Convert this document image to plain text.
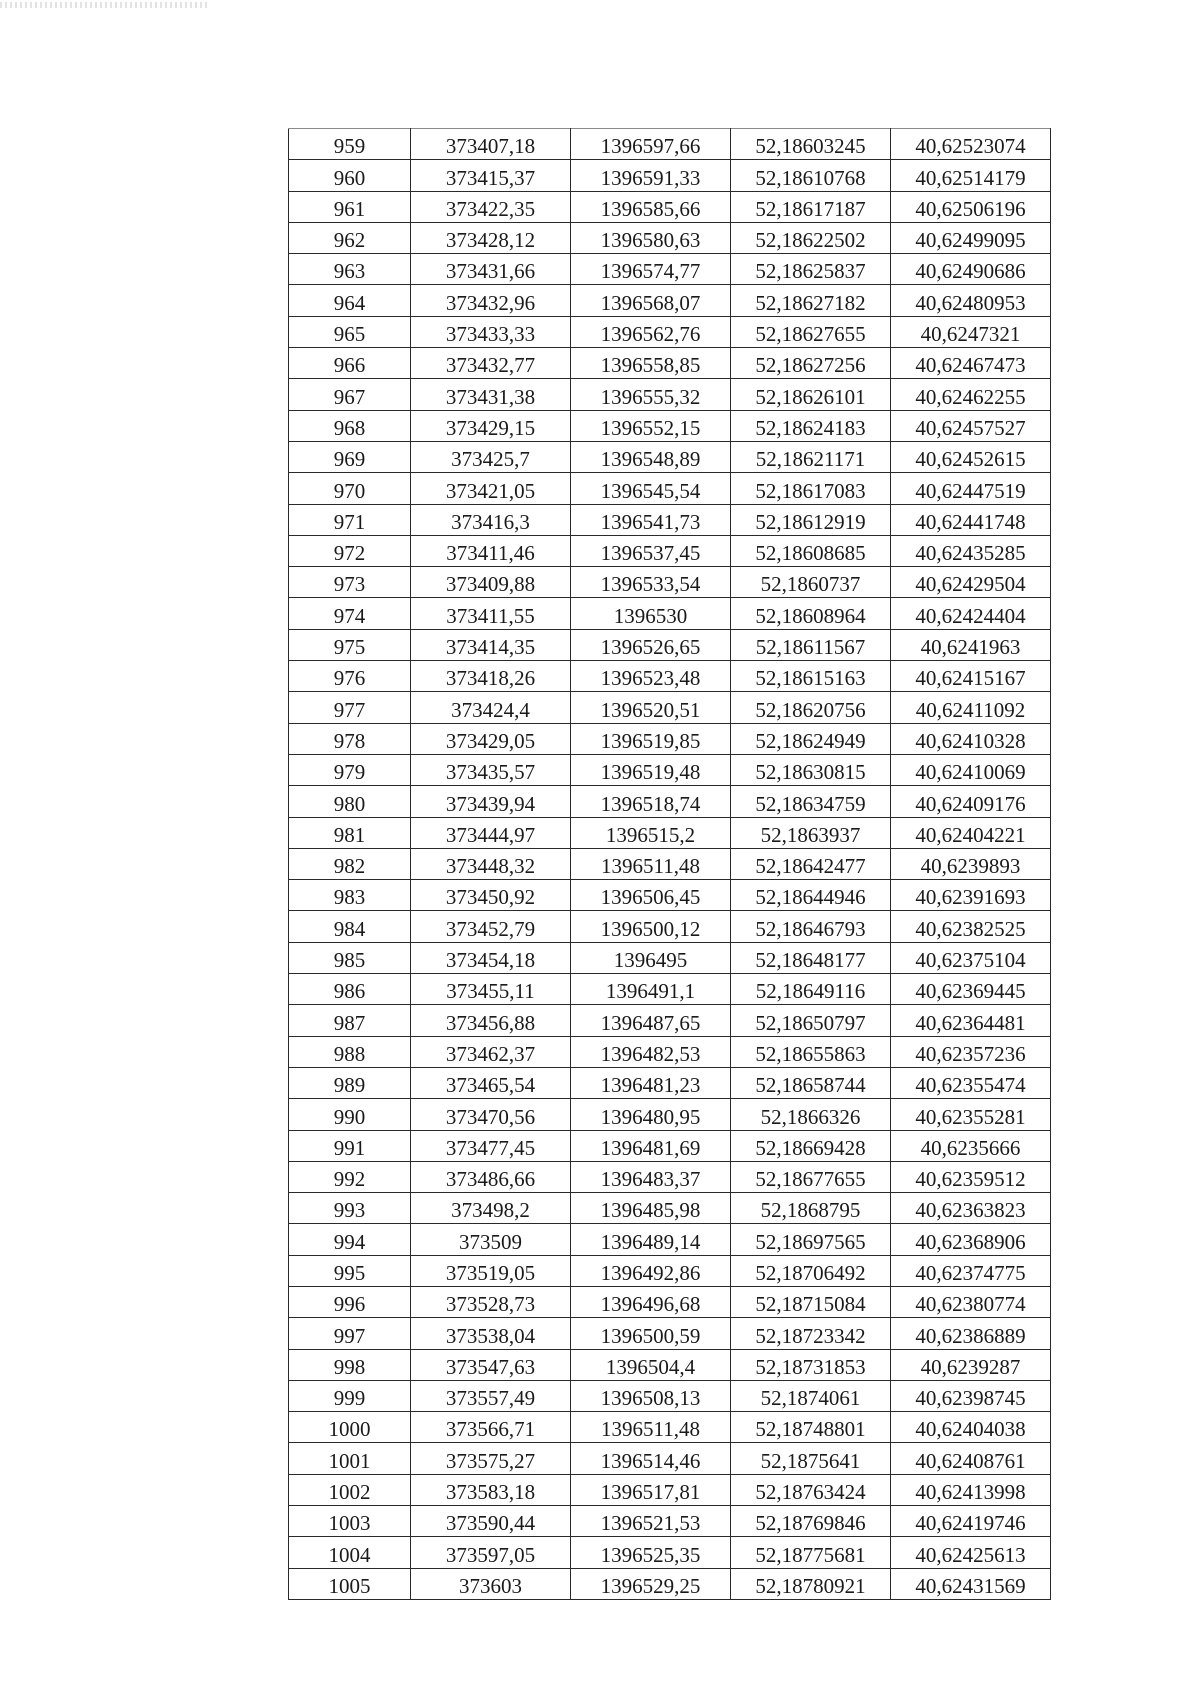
959	373407,18	1396597,66	52,18603245	40,62523074
960	373415,37	1396591,33	52,18610768	40,62514179
961	373422,35	1396585,66	52,18617187	40,62506196
962	373428,12	1396580,63	52,18622502	40,62499095
963	373431,66	1396574,77	52,18625837	40,62490686
964	373432,96	1396568,07	52,18627182	40,62480953
965	373433,33	1396562,76	52,18627655	40,6247321
966	373432,77	1396558,85	52,18627256	40,62467473
967	373431,38	1396555,32	52,18626101	40,62462255
968	373429,15	1396552,15	52,18624183	40,62457527
969	373425,7	1396548,89	52,18621171	40,62452615
970	373421,05	1396545,54	52,18617083	40,62447519
971	373416,3	1396541,73	52,18612919	40,62441748
972	373411,46	1396537,45	52,18608685	40,62435285
973	373409,88	1396533,54	52,1860737	40,62429504
974	373411,55	1396530	52,18608964	40,62424404
975	373414,35	1396526,65	52,18611567	40,6241963
976	373418,26	1396523,48	52,18615163	40,62415167
977	373424,4	1396520,51	52,18620756	40,62411092
978	373429,05	1396519,85	52,18624949	40,62410328
979	373435,57	1396519,48	52,18630815	40,62410069
980	373439,94	1396518,74	52,18634759	40,62409176
981	373444,97	1396515,2	52,1863937	40,62404221
982	373448,32	1396511,48	52,18642477	40,6239893
983	373450,92	1396506,45	52,18644946	40,62391693
984	373452,79	1396500,12	52,18646793	40,62382525
985	373454,18	1396495	52,18648177	40,62375104
986	373455,11	1396491,1	52,18649116	40,62369445
987	373456,88	1396487,65	52,18650797	40,62364481
988	373462,37	1396482,53	52,18655863	40,62357236
989	373465,54	1396481,23	52,18658744	40,62355474
990	373470,56	1396480,95	52,1866326	40,62355281
991	373477,45	1396481,69	52,18669428	40,6235666
992	373486,66	1396483,37	52,18677655	40,62359512
993	373498,2	1396485,98	52,1868795	40,62363823
994	373509	1396489,14	52,18697565	40,62368906
995	373519,05	1396492,86	52,18706492	40,62374775
996	373528,73	1396496,68	52,18715084	40,62380774
997	373538,04	1396500,59	52,18723342	40,62386889
998	373547,63	1396504,4	52,18731853	40,6239287
999	373557,49	1396508,13	52,1874061	40,62398745
1000	373566,71	1396511,48	52,18748801	40,62404038
1001	373575,27	1396514,46	52,1875641	40,62408761
1002	373583,18	1396517,81	52,18763424	40,62413998
1003	373590,44	1396521,53	52,18769846	40,62419746
1004	373597,05	1396525,35	52,18775681	40,62425613
1005	373603	1396529,25	52,18780921	40,62431569
